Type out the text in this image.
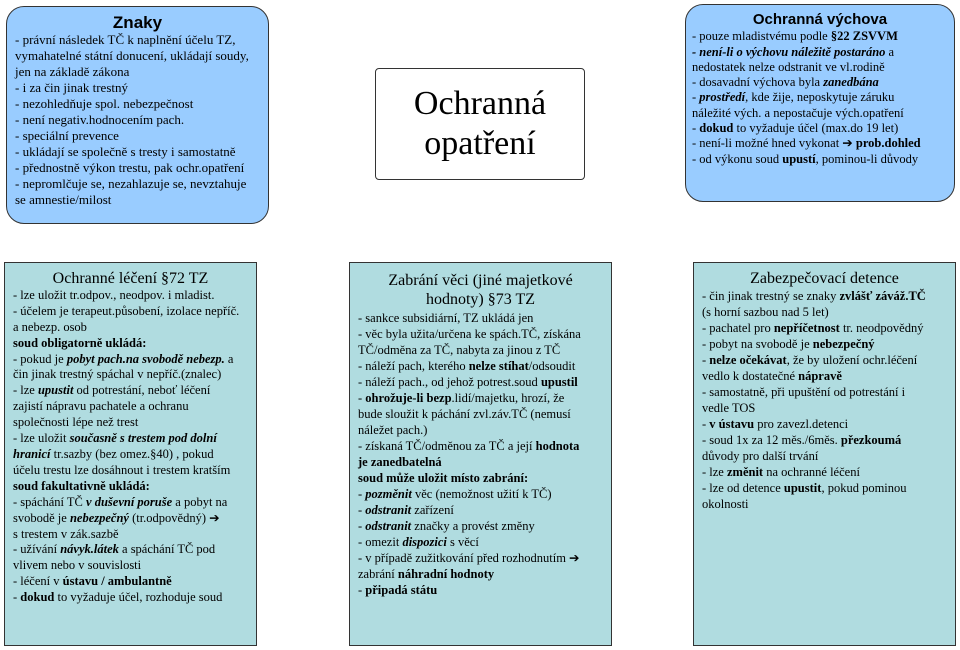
Znaky
- právní následek TČ k naplnění účelu TZ,
vymahatelné státní donucení, ukládají soudy,
jen na základě zákona
- i za čin jinak trestný
- nezohledňuje spol. nebezpečnost
- není negativ.hodnocením pach.
- speciální prevence
- ukládají se společně s tresty i samostatně
- přednostně výkon trestu, pak ochr.opatření
- nepromlčuje se, nezahlazuje se, nevztahuje
se amnestie/milost
Ochranná
opatření
Ochranná výchova
- pouze mladistvému podle §22 ZSVVM
- není-li o výchovu náležitě postaráno a
nedostatek nelze odstranit ve vl.rodině
- dosavadní výchova byla zanedbána
- prostředí, kde žije, neposkytuje záruku
náležité vých. a nepostačuje vých.opatření
- dokud to vyžaduje účel (max.do 19 let)
- není-li možné hned vykonat ➔ prob.dohled
- od výkonu soud upustí, pominou-li důvody
Ochranné léčení §72 TZ
- lze uložit tr.odpov., neodpov. i mladist.
- účelem je terapeut.působení, izolace nepříč.
a nebezp. osob
soud obligatorně ukládá:
- pokud je pobyt pach.na svobodě nebezp. a
čin jinak trestný spáchal v nepříč.(znalec)
- lze upustit od potrestání, neboť léčení
zajistí nápravu pachatele a ochranu
společnosti lépe než trest
- lze uložit současně s trestem pod dolní
hranicí tr.sazby (bez omez.§40) , pokud
účelu trestu lze dosáhnout i trestem kratším
soud fakultativně ukládá:
- spáchání TČ v duševní poruše a pobyt na
svobodě je nebezpečný (tr.odpovědný) ➔
s trestem v zák.sazbě
- užívání návyk.látek a spáchání TČ pod
vlivem nebo v souvislosti
- léčení v ústavu / ambulantně
- dokud to vyžaduje účel, rozhoduje soud
Zabrání věci (jiné majetkové
hodnoty) §73 TZ
- sankce subsidiární, TZ ukládá jen
- věc byla užita/určena ke spách.TČ, získána
TČ/odměna za TČ, nabyta za jinou z TČ
- náleží pach, kterého nelze stíhat/odsoudit
- náleží pach., od jehož potrest.soud upustil
- ohrožuje-li bezp.lidí/majetku, hrozí, že
bude sloužit k páchání zvl.záv.TČ (nemusí
náležet pach.)
- získaná TČ/odměnou za TČ a její hodnota
je zanedbatelná
soud může uložit místo zabrání:
- pozměnit věc (nemožnost užití k TČ)
- odstranit zařízení
- odstranit značky a provést změny
- omezit dispozici s věcí
- v případě zužitkování před rozhodnutím ➔
zabrání náhradní hodnoty
- připadá státu
Zabezpečovací detence
- čin jinak trestný se znaky zvlášť záváž.TČ
(s horní sazbou nad 5 let)
- pachatel pro nepříčetnost tr. neodpovědný
- pobyt na svobodě je nebezpečný
- nelze očekávat, že by uložení ochr.léčení
vedlo k dostatečné nápravě
- samostatně, při upuštění od potrestání i
vedle TOS
- v ústavu pro zavezl.detenci
- soud 1x za 12 měs./6měs. přezkoumá
důvody pro další trvání
- lze změnit na ochranné léčení
- lze od detence upustit, pokud pominou
okolnosti
